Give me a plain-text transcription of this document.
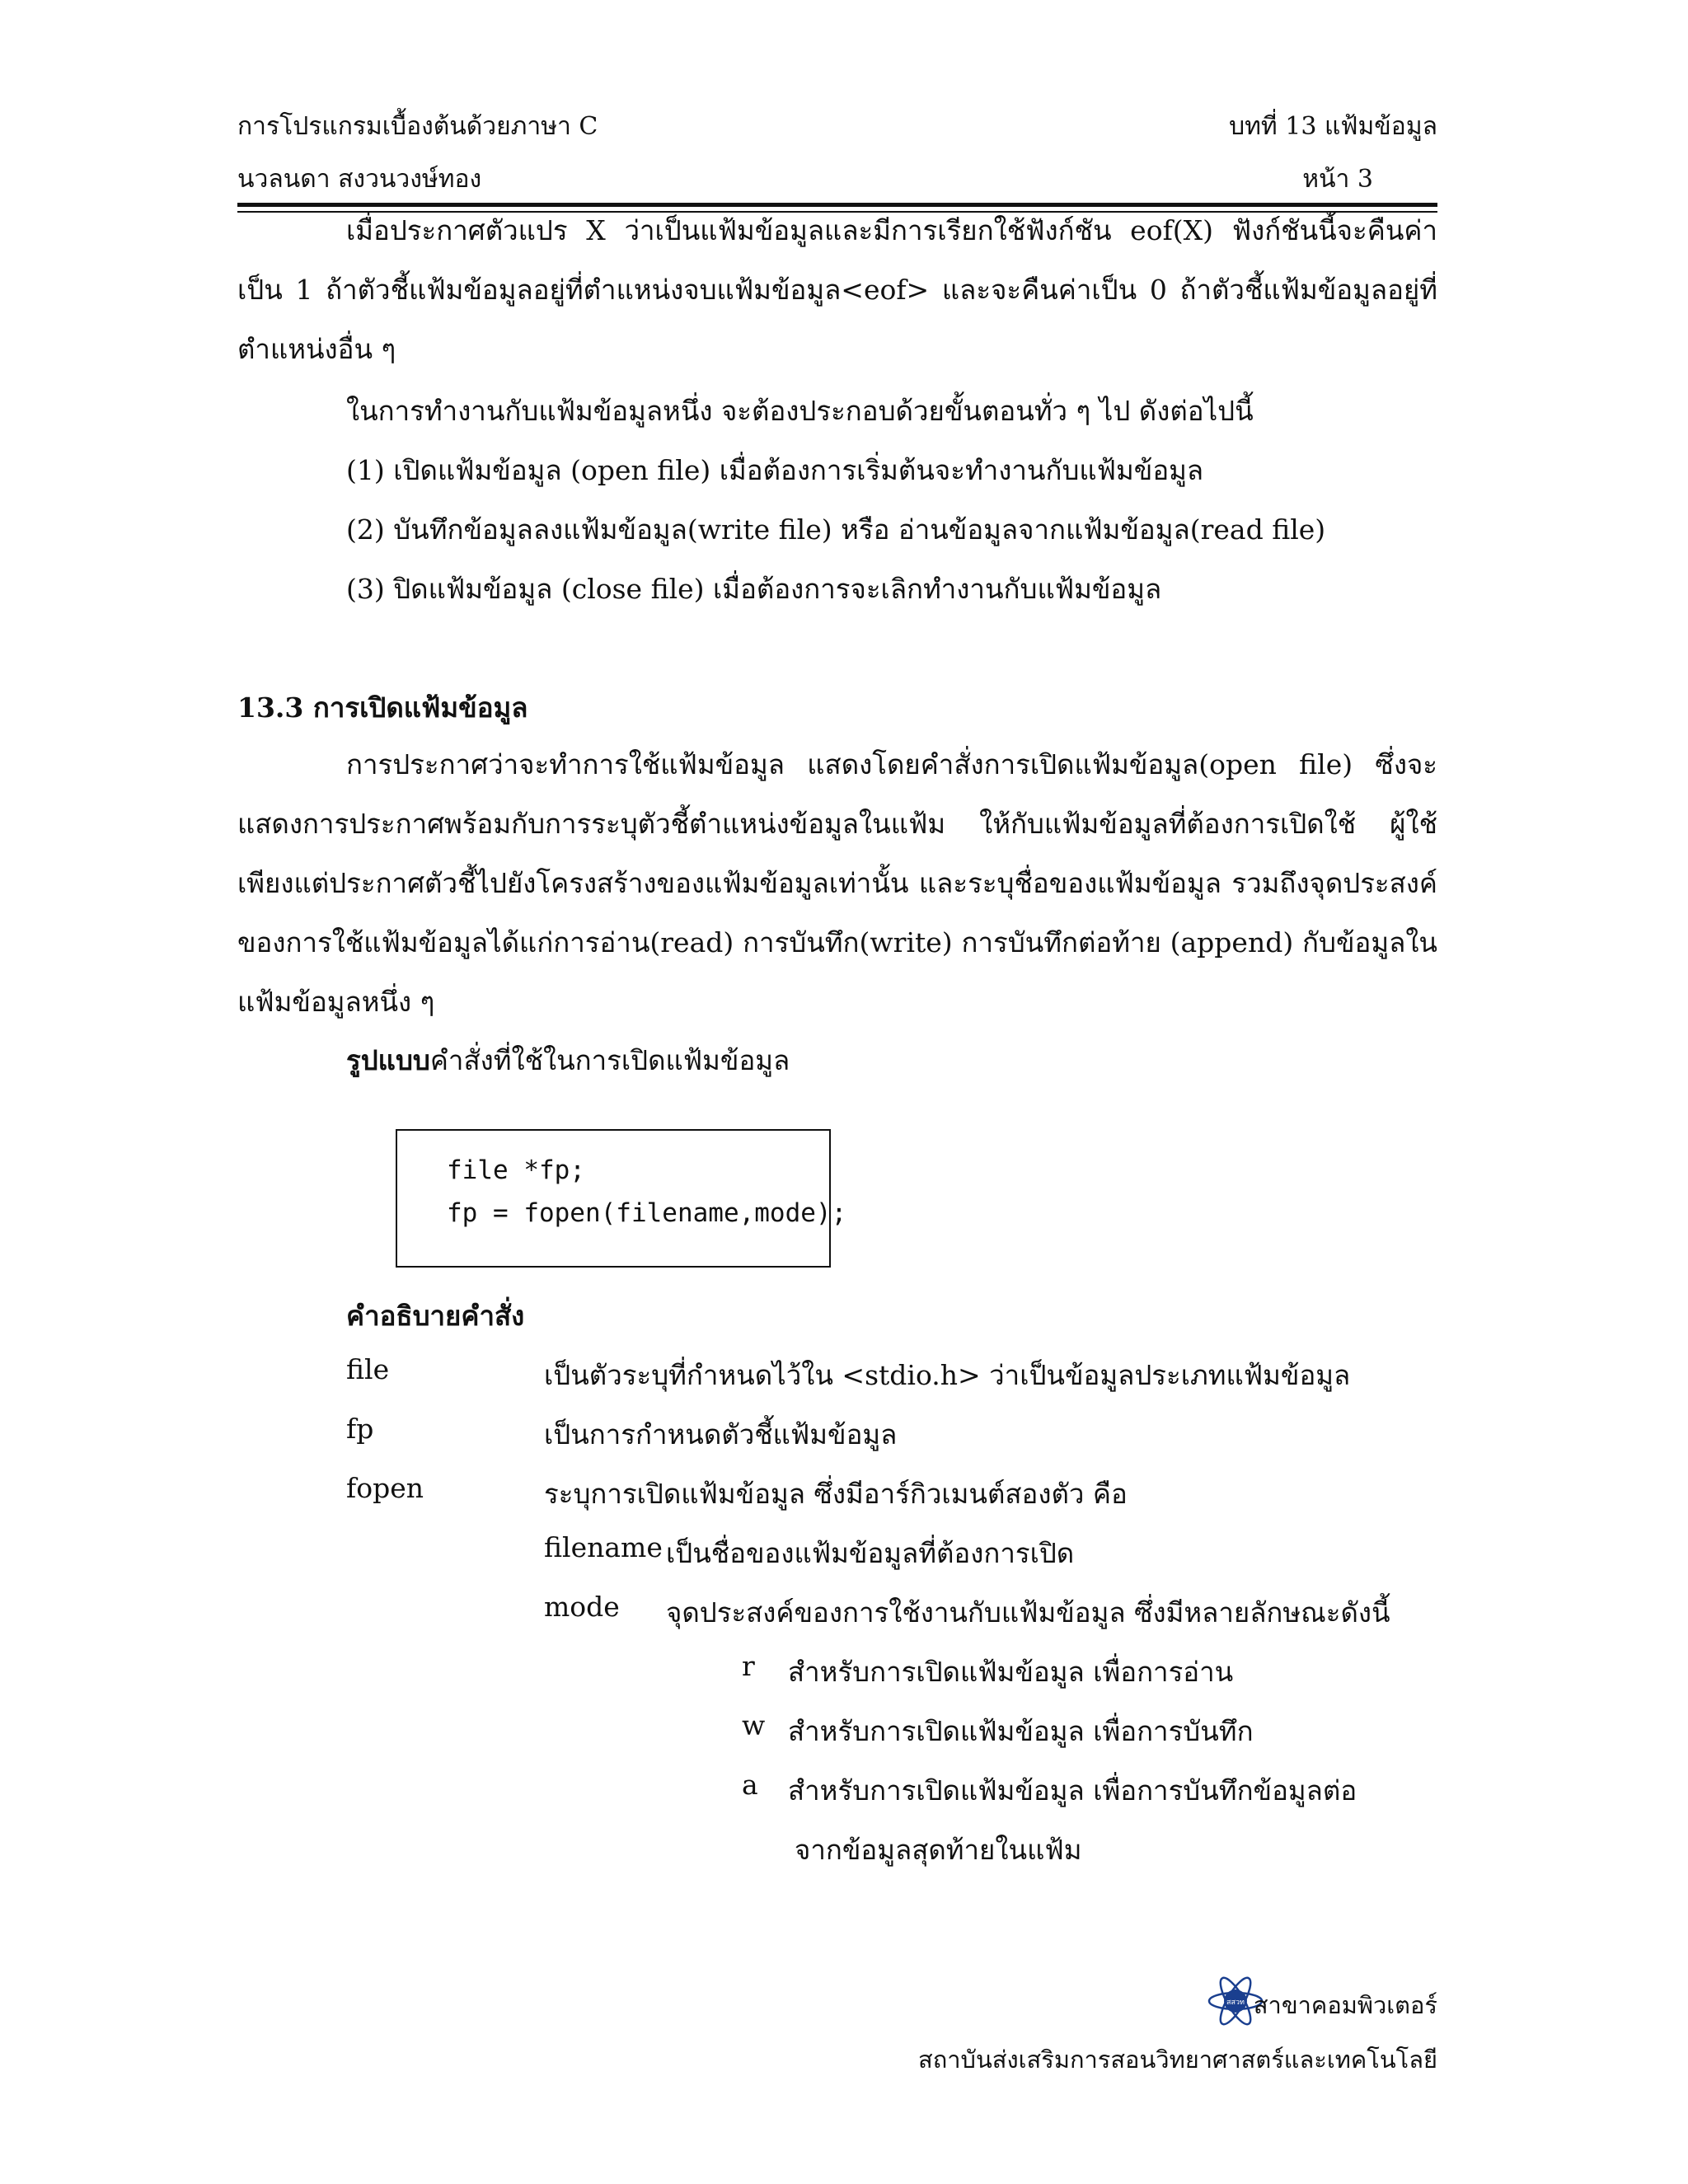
การโปรแกรมเบื้องต้นด้วยภาษา C	บทที่ 13 แฟ้มข้อมูล
นวลนดา สงวนวงษ์ทอง	หน้า 3
เมื่อประกาศตัวแปร X ว่าเป็นแฟ้มข้อมูลและมีการเรียกใช้ฟังก์ชัน eof(X) ฟังก์ชันนี้จะคืนค่าเป็น 1 ถ้าตัวชี้แฟ้มข้อมูลอยู่ที่ตำแหน่งจบแฟ้มข้อมูล<eof> และจะคืนค่าเป็น 0 ถ้าตัวชี้แฟ้มข้อมูลอยู่ที่ตำแหน่งอื่น ๆ
ในการทำงานกับแฟ้มข้อมูลหนึ่ง จะต้องประกอบด้วยขั้นตอนทั่ว ๆ ไป ดังต่อไปนี้
(1) เปิดแฟ้มข้อมูล (open file) เมื่อต้องการเริ่มต้นจะทำงานกับแฟ้มข้อมูล
(2) บันทึกข้อมูลลงแฟ้มข้อมูล(write file) หรือ อ่านข้อมูลจากแฟ้มข้อมูล(read file)
(3) ปิดแฟ้มข้อมูล (close file) เมื่อต้องการจะเลิกทำงานกับแฟ้มข้อมูล
13.3 การเปิดแฟ้มข้อมูล
การประกาศว่าจะทำการใช้แฟ้มข้อมูล แสดงโดยคำสั่งการเปิดแฟ้มข้อมูล(open file) ซึ่งจะแสดงการประกาศพร้อมกับการระบุตัวชี้ตำแหน่งข้อมูลในแฟ้ม ให้กับแฟ้มข้อมูลที่ต้องการเปิดใช้ ผู้ใช้เพียงแต่ประกาศตัวชี้ไปยังโครงสร้างของแฟ้มข้อมูลเท่านั้น และระบุชื่อของแฟ้มข้อมูล รวมถึงจุดประสงค์ของการใช้แฟ้มข้อมูลได้แก่การอ่าน(read) การบันทึก(write) การบันทึกต่อท้าย (append) กับข้อมูลในแฟ้มข้อมูลหนึ่ง ๆ
รูปแบบคำสั่งที่ใช้ในการเปิดแฟ้มข้อมูล
file *fp;
fp = fopen(filename,mode);
คำอธิบายคำสั่ง
file	เป็นตัวระบุที่กำหนดไว้ใน <stdio.h> ว่าเป็นข้อมูลประเภทแฟ้มข้อมูล
fp	เป็นการกำหนดตัวชี้แฟ้มข้อมูล
fopen	ระบุการเปิดแฟ้มข้อมูล ซึ่งมีอาร์กิวเมนต์สองตัว คือ
filename เป็นชื่อของแฟ้มข้อมูลที่ต้องการเปิด
mode จุดประสงค์ของการใช้งานกับแฟ้มข้อมูล ซึ่งมีหลายลักษณะดังนี้
r สำหรับการเปิดแฟ้มข้อมูล เพื่อการอ่าน
w สำหรับการเปิดแฟ้มข้อมูล เพื่อการบันทึก
a สำหรับการเปิดแฟ้มข้อมูล เพื่อการบันทึกข้อมูลต่อ
จากข้อมูลสุดท้ายในแฟ้ม
สสวท สาขาคอมพิวเตอร์
สถาบันส่งเสริมการสอนวิทยาศาสตร์และเทคโนโลยี
